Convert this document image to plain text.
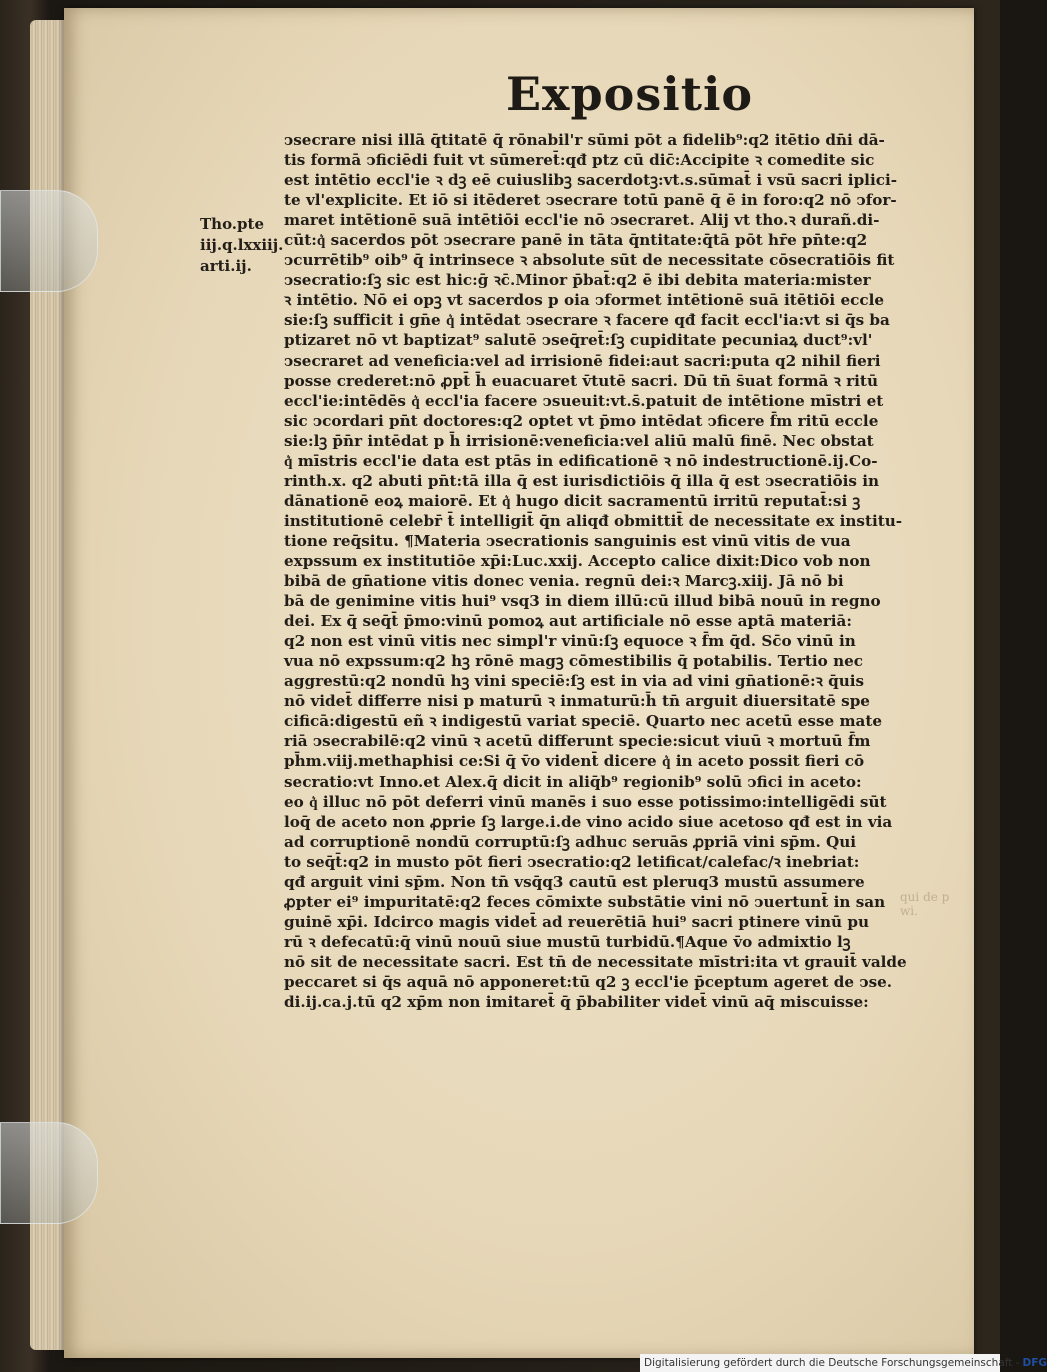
Expositio
Tho.pte
iij.q.lxxiij.
arti.ij.
ↄsecrare nisi illā q̄titatē q̄ rōnabil'r sūmi pōt a fidelib⁹:q2 itētio dn̄i dā-
tis formā ↄficiēdi fuit vt sūmeret̄:qđ ptz cū dic̄:Accipite ꝛ comedite sic
est intētio eccl'ie ꝛ dꝫ eē cuiuslibꝫ sacerdotꝫ:vt.s.sūmat̄ i vsū sacri iplici-
te vl'explicite. Et iō si itēderet ↄsecrare totū panē q̄ ē in foro:q2 nō ↄfor-
maret intētionē suā intētiōi eccl'ie nō ↄsecraret. Alij vt tho.ꝛ durañ.di-
cūt:q͛ sacerdos pōt ↄsecrare panē in tāta q̄ntitate:q̄tā pōt hr̄e pn̄te:q2
ↄcurrētib⁹ oib⁹ q̄ intrinsece ꝛ absolute sūt de necessitate cōsecratiōis fit
ↄsecratio:ſꝫ sic est hic:ḡ ꝛc̄.Minor p̄bat̄:q2 ē ibi debita materia:mister
ꝛ intētio. Nō ei opꝫ vt sacerdos p oia ↄformet intētionē suā itētiōi eccle
sie:ſꝫ sufficit i gn̄e q͛ intēdat ↄsecrare ꝛ facere qđ facit eccl'ia:vt si q̄s ba
ptizaret nō vt baptizat⁹ salutē ↄseq̄ret̄:ſꝫ cupiditate pecuniaꝝ duct⁹:vl'
ↄsecraret ad veneficia:vel ad irrisionē fidei:aut sacri:puta q2 nihil fieri
posse crederet:nō ꝓpt̄ h̄ euacuaret v̄tutē sacri. Dū tn̄ s̄uat formā ꝛ ritū
eccl'ie:intēdēs q͛ eccl'ia facere ↄsueuit:vt.s̄.patuit de intētione mīstri et
sic ↄcordari pn̄t doctores:q2 optet vt p̄mo intēdat ↄficere f̄m ritū eccle
sie:lꝫ p̄n̄r intēdat p h̄ irrisionē:veneficia:vel aliū malū finē. Nec obstat
q͛ mīstris eccl'ie data est ptās in edificationē ꝛ nō indestructionē.ij.Co-
rinth.x. q2 abuti pn̄t:tā illa q̄ est iurisdictiōis q̄ illa q̄ est ↄsecratiōis in
dānationē eoꝝ maiorē. Et q͛ hugo dicit sacramentū irritū reputat̄:si ꝫ
institutionē celebr̄ t̄ intelligit̄ q̄n aliqđ obmittit̄ de necessitate ex institu-
tione req̄situ. ¶Materia ↄsecrationis sanguinis est vinū vitis de vua
expssum ex institutiōe xp̄i:Luc.xxij. Accepto calice dixit:Dico vob non
bibā de gn̄atione vitis donec venia. regnū dei:ꝛ Marcꝫ.xiij. Jā nō bi
bā de genimine vitis hui⁹ vsq3 in diem illū:cū illud bibā nouū in regno
dei. Ex q̄ seq̄t̄ p̄mo:vinū pomoꝝ aut artificiale nō esse aptā materiā:
q2 non est vinū vitis nec simpl'r vinū:ſꝫ equoce ꝛ f̄m q̄d. Sc̄o vinū in
vua nō expssum:q2 hꝫ rōnē magꝫ cōmestibilis q̄ potabilis. Tertio nec
aggrestū:q2 nondū hꝫ vini speciē:ſꝫ est in via ad vini gn̄ationē:ꝛ q̄uis
nō videt̄ differre nisi p maturū ꝛ inmaturū:h̄ tn̄ arguit diuersitatē spe
cificā:digestū eñ ꝛ indigestū variat speciē. Quarto nec acetū esse mate
riā ↄsecrabilē:q2 vinū ꝛ acetū differunt specie:sicut viuū ꝛ mortuū f̄m
ph̄m.viij.methaphisi ce:Si q̄ v̄o vident̄ dicere q͛ in aceto possit fieri cō
secratio:vt Inno.et Alex.q̄ dicit in aliq̄b⁹ regionib⁹ solū ↄfici in aceto:
eo q͛ illuc nō pōt deferri vinū manēs i suo esse potissimo:intelligēdi sūt
loq̄ de aceto non ꝓprie ſꝫ large.i.de vino acido siue acetoso qđ est in via
ad corruptionē nondū corruptū:ſꝫ adhuc seruās ꝓpriā vini sp̄m. Qui
to seq̄t̄:q2 in musto pōt fieri ↄsecratio:q2 letificat/calefac/ꝛ inebriat:
qđ arguit vini sp̄m. Non tn̄ vsq̄q3 cautū est pleruq3 mustū assumere
ꝓpter ei⁹ impuritatē:q2 feces cōmixte substātie vini nō ↄuertunt̄ in san
guinē xp̄i. Idcirco magis videt̄ ad reuerētiā hui⁹ sacri ptinere vinū pu
rū ꝛ defecatū:q̄ vinū nouū siue mustū turbidū.¶Aque v̄o admixtio lꝫ
nō sit de necessitate sacri. Est tn̄ de necessitate mīstri:ita vt grauit̄ valde
peccaret si q̄s aquā nō apponeret:tū q2 ꝫ eccl'ie p̄ceptum ageret de ↄse.
di.ij.ca.j.tū q2 xp̄m non imitaret̄ q̄ p̄babiliter videt̄ vinū aq̄ miscuisse:
qui de p
wi.
Digitalisierung gefördert durch die Deutsche Forschungsgemeinschaft - DFG
